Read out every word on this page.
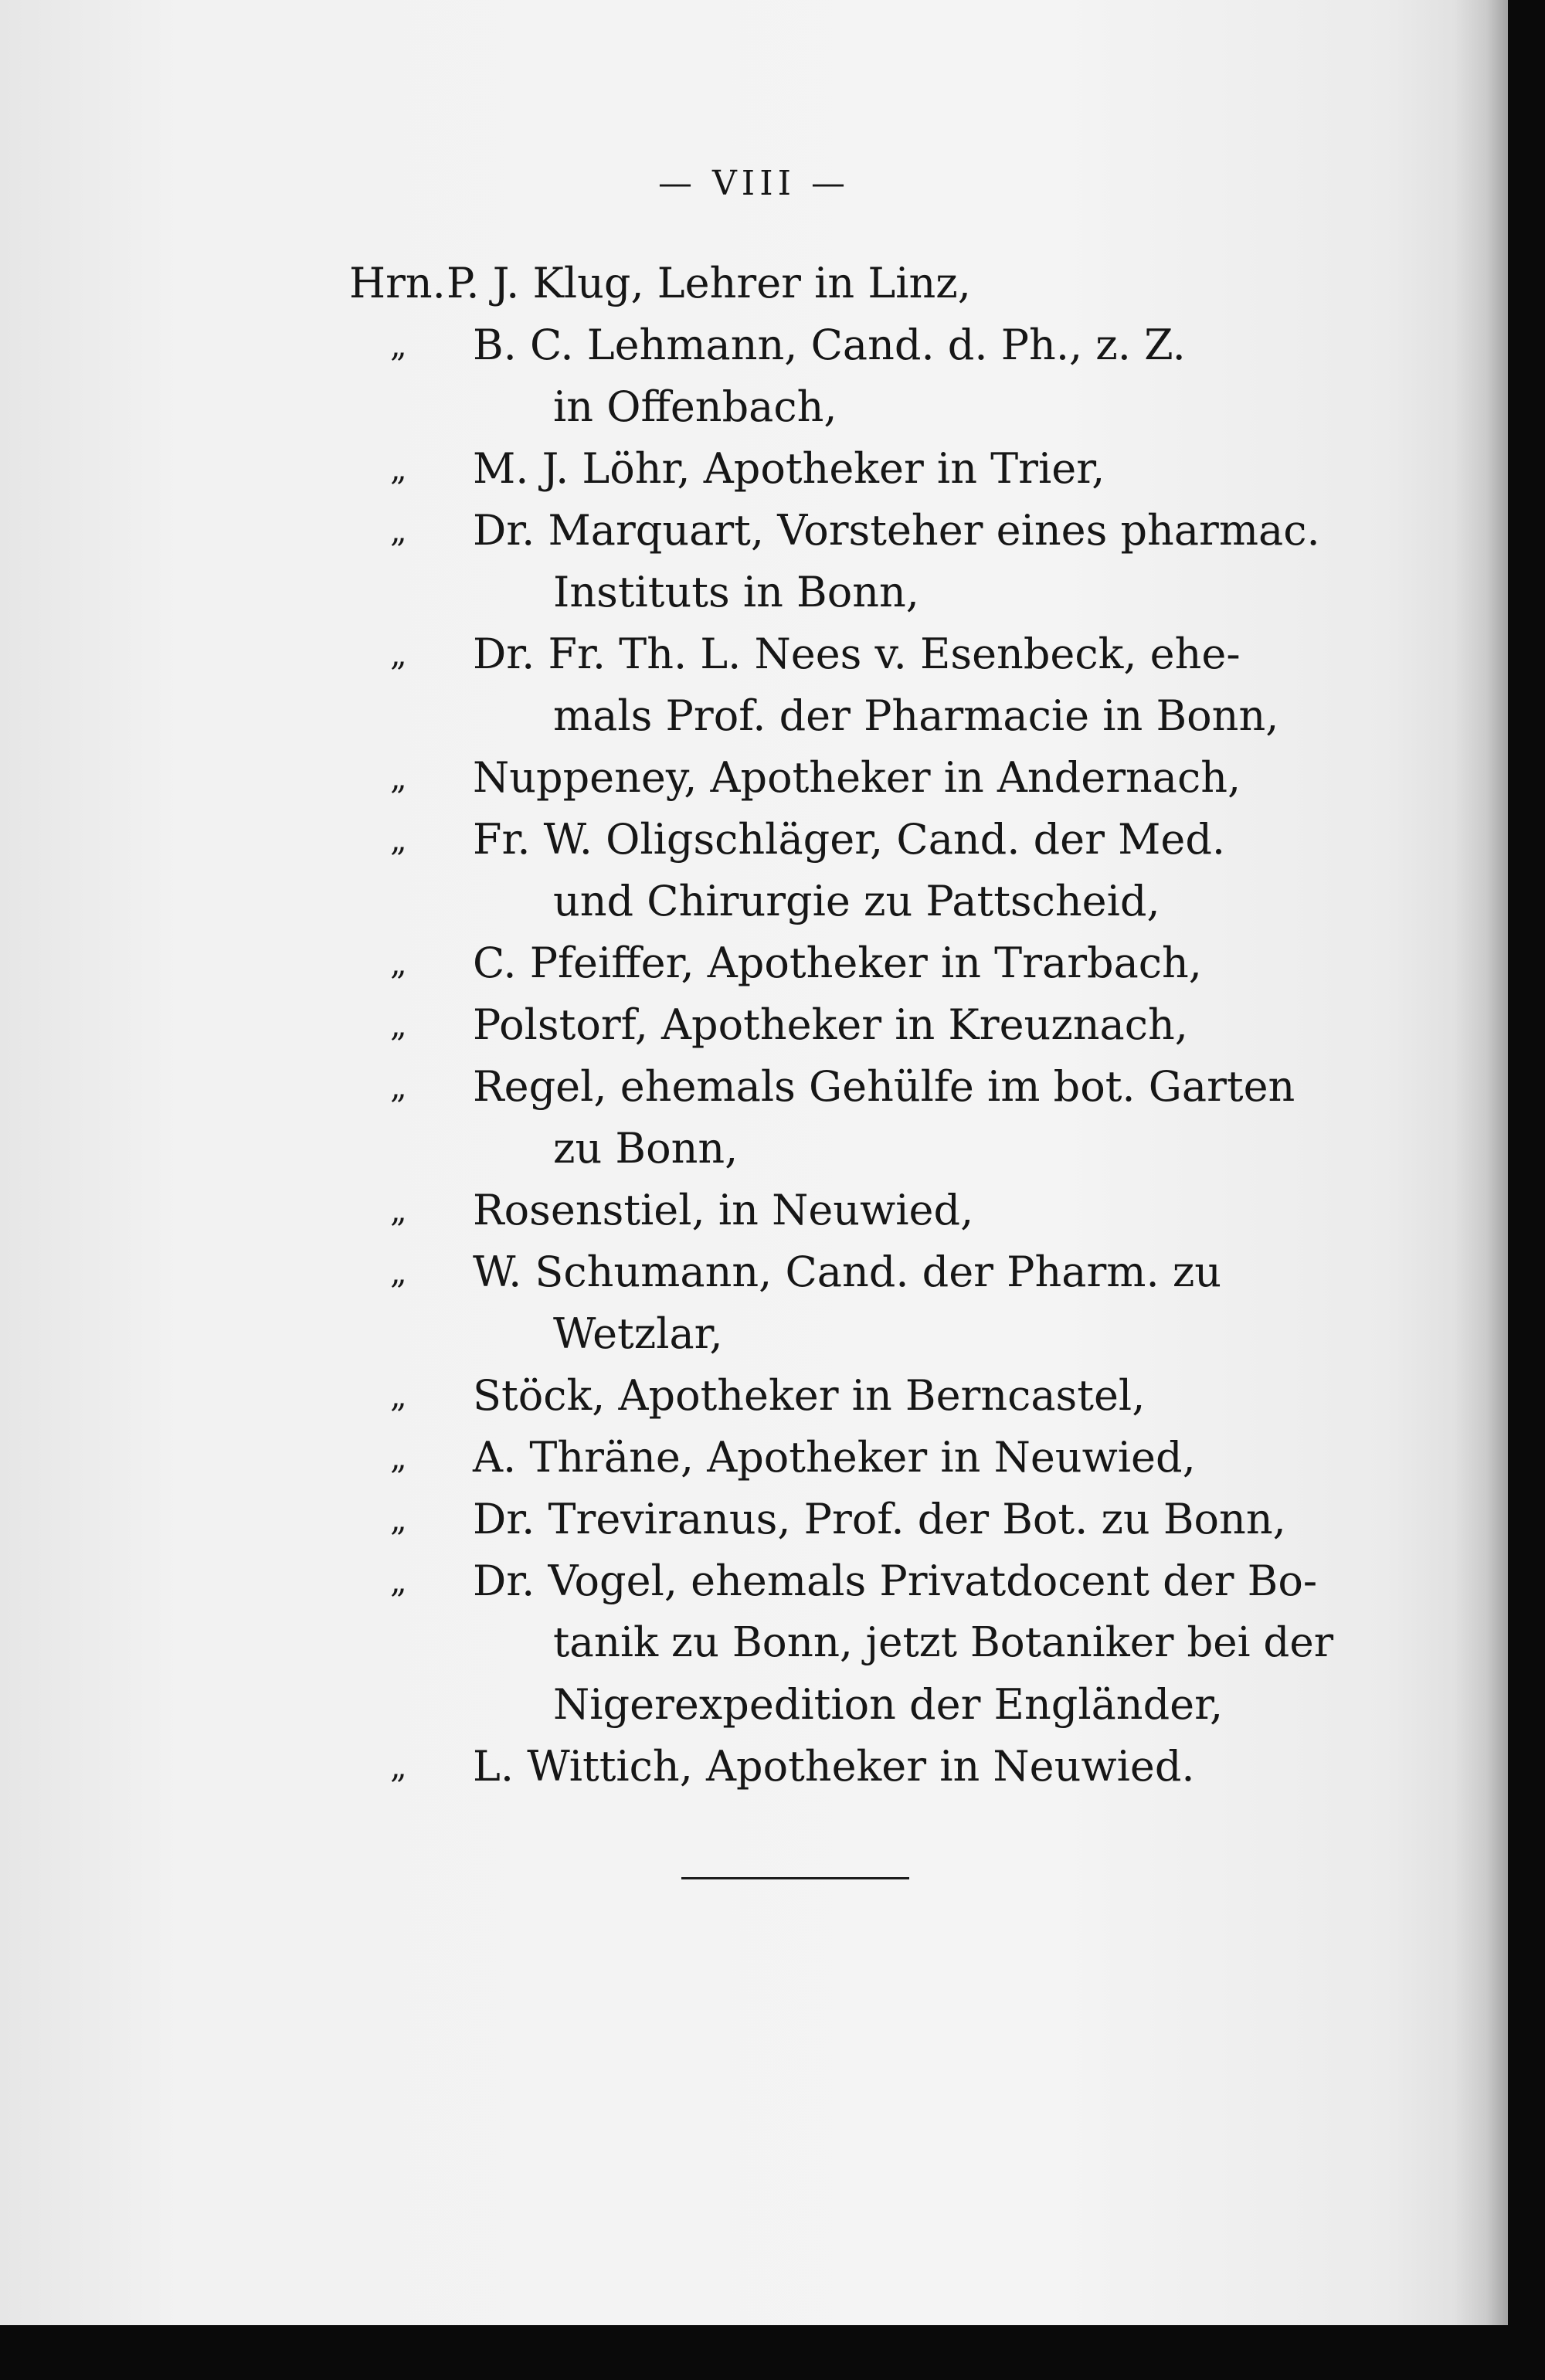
— VIII —
Hrn. P. J. Klug, Lehrer in Linz,
„ B. C. Lehmann, Cand. d. Ph., z. Z.
in Offenbach,
„ M. J. Löhr, Apotheker in Trier,
„ Dr. Marquart, Vorsteher eines pharmac.
Instituts in Bonn,
„ Dr. Fr. Th. L. Nees v. Esenbeck, ehe-
mals Prof. der Pharmacie in Bonn,
„ Nuppeney, Apotheker in Andernach,
„ Fr. W. Oligschläger, Cand. der Med.
und Chirurgie zu Pattscheid,
„ C. Pfeiffer, Apotheker in Trarbach,
„ Polstorf, Apotheker in Kreuznach,
„ Regel, ehemals Gehülfe im bot. Garten
zu Bonn,
„ Rosenstiel, in Neuwied,
„ W. Schumann, Cand. der Pharm. zu
Wetzlar,
„ Stöck, Apotheker in Berncastel,
„ A. Thräne, Apotheker in Neuwied,
„ Dr. Treviranus, Prof. der Bot. zu Bonn,
„ Dr. Vogel, ehemals Privatdocent der Bo-
tanik zu Bonn, jetzt Botaniker bei der
Nigerexpedition der Engländer,
„ L. Wittich, Apotheker in Neuwied.
